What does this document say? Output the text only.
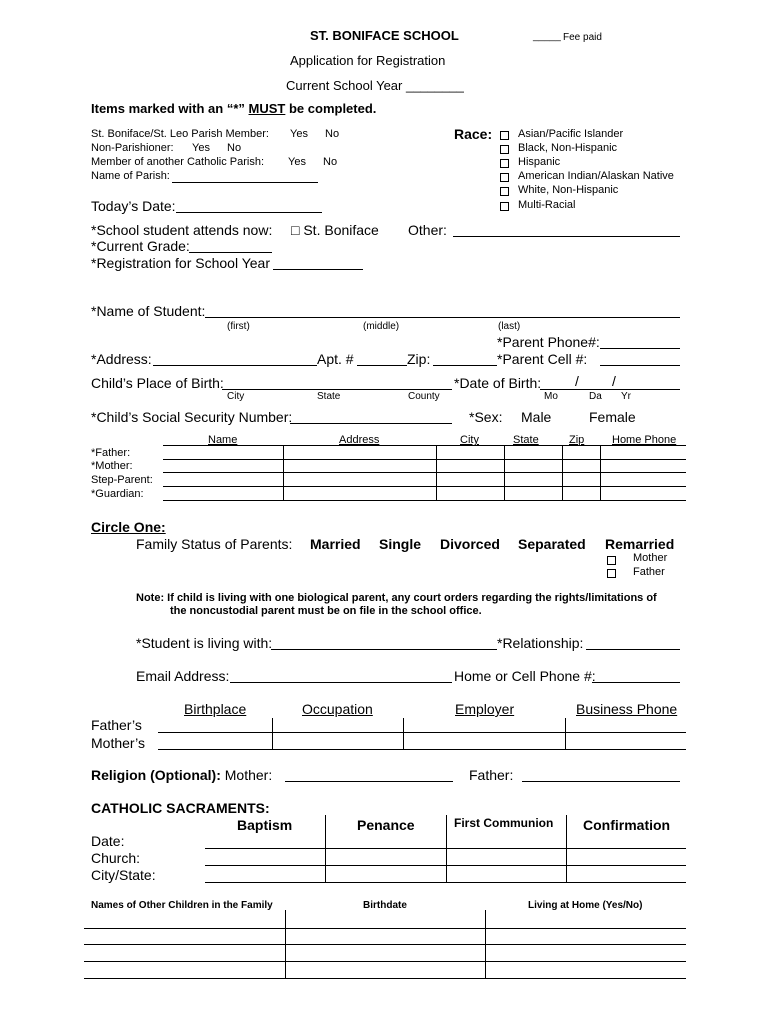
ST. BONIFACE SCHOOL	_____ Fee paid
Application for Registration
Current School Year ________
Items marked with an “*” MUST be completed.
St. Boniface/St. Leo Parish Member: Yes No
Non-Parishioner: Yes No
Member of another Catholic Parish: Yes No
Name of Parish:
Race: Asian/Pacific Islander
Black, Non-Hispanic
Hispanic
American Indian/Alaskan Native
White, Non-Hispanic
Multi-Racial
Today’s Date:
*School student attends now: □ St. Boniface Other:
*Current Grade:
*Registration for School Year
*Name of Student:
(first)	(middle)	(last)
*Parent Phone#:
*Address:	Apt. #	Zip:	*Parent Cell #:
Child’s Place of Birth:
City	State	County
*Date of Birth: / /
Mo	Da Yr
*Child’s Social Security Number:	*Sex: Male	Female
Name	Address	City	State	Zip	Home Phone
*Father:
*Mother:
Step-Parent:
*Guardian:
Circle One:
Family Status of Parents: Married Single Divorced Separated Remarried
Mother
Father
Note: If child is living with one biological parent, any court orders regarding the rights/limitations of
the noncustodial parent must be on file in the school office.
*Student is living with:	*Relationship:
Email Address:	Home or Cell Phone #:
Birthplace	Occupation	Employer	Business Phone
Father’s
Mother’s
Religion (Optional): Mother:	Father:
CATHOLIC SACRAMENTS:
Baptism	Penance	First Communion Confirmation
Date:
Church:
City/State:
Names of Other Children in the Family	Birthdate	Living at Home (Yes/No)
